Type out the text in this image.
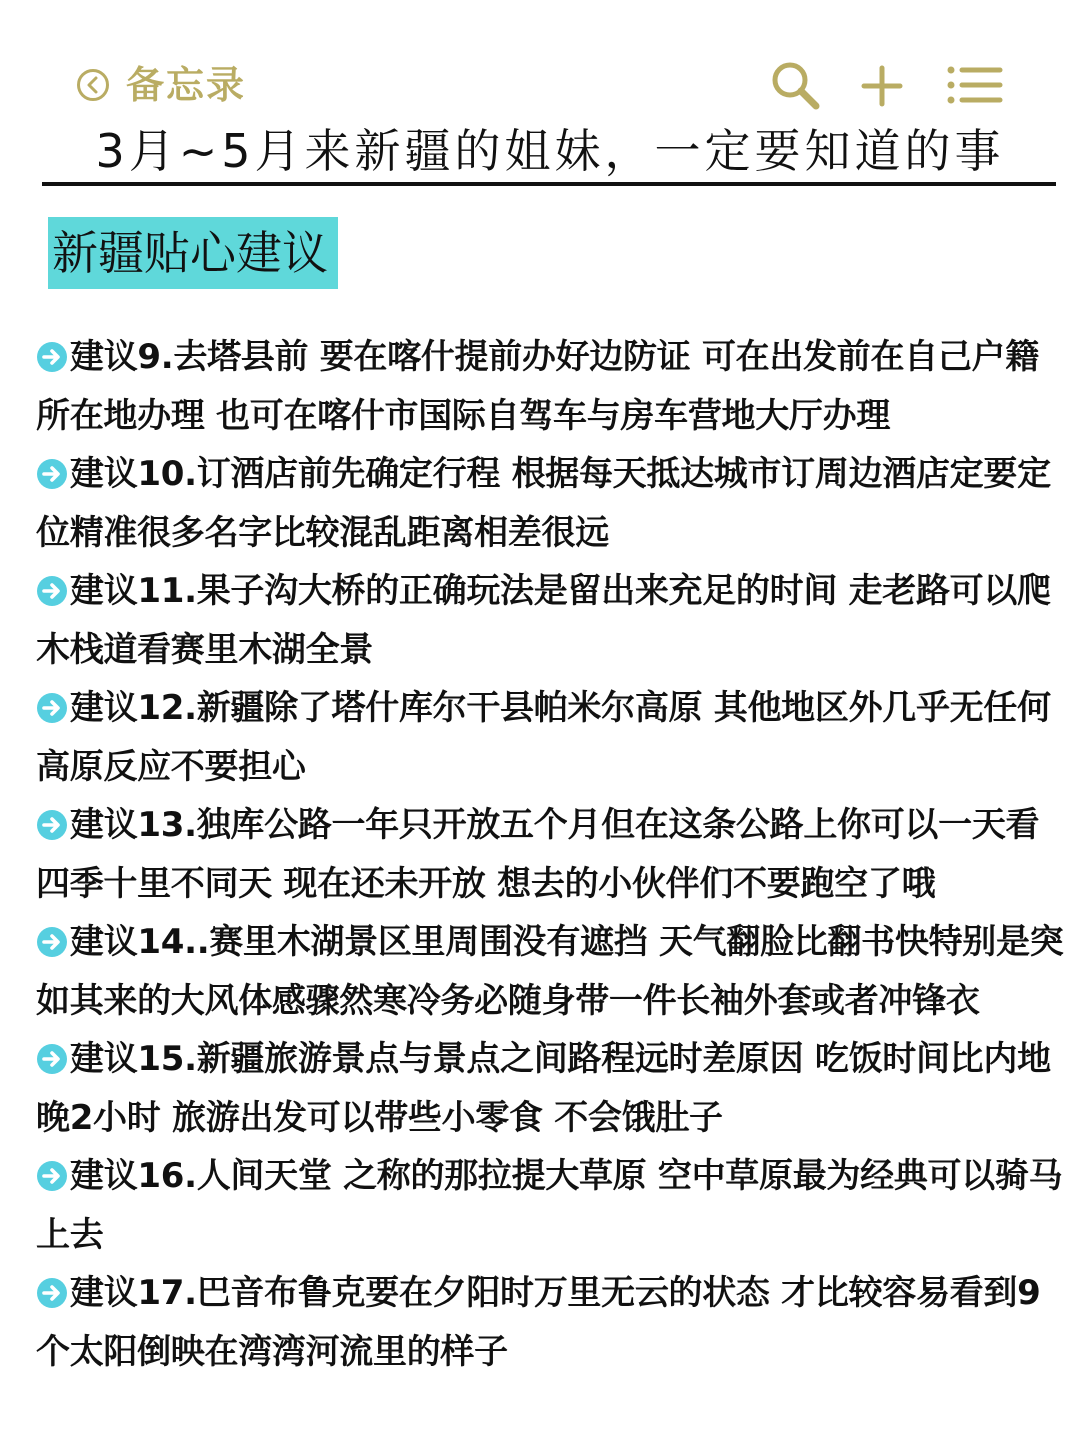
备忘录
3月~5月来新疆的姐妹，一定要知道的事
新疆贴心建议
建议9.去塔县前 要在喀什提前办好边防证 可在出发前在自己户籍所在地办理 也可在喀什市国际自驾车与房车营地大厅办理
建议10.订酒店前先确定行程 根据每天抵达城市订周边酒店定要定位精准很多名字比较混乱距离相差很远
建议11.果子沟大桥的正确玩法是留出来充足的时间 走老路可以爬木栈道看赛里木湖全景
建议12.新疆除了塔什库尔干县帕米尔高原 其他地区外几乎无任何高原反应不要担心
建议13.独库公路一年只开放五个月但在这条公路上你可以一天看四季十里不同天 现在还未开放 想去的小伙伴们不要跑空了哦
建议14..赛里木湖景区里周围没有遮挡 天气翻脸比翻书快特别是突如其来的大风体感骤然寒冷务必随身带一件长袖外套或者冲锋衣
建议15.新疆旅游景点与景点之间路程远时差原因 吃饭时间比内地晚2小时 旅游出发可以带些小零食 不会饿肚子
建议16.人间天堂 之称的那拉提大草原 空中草原最为经典可以骑马上去
建议17.巴音布鲁克要在夕阳时万里无云的状态 才比较容易看到9个太阳倒映在湾湾河流里的样子
